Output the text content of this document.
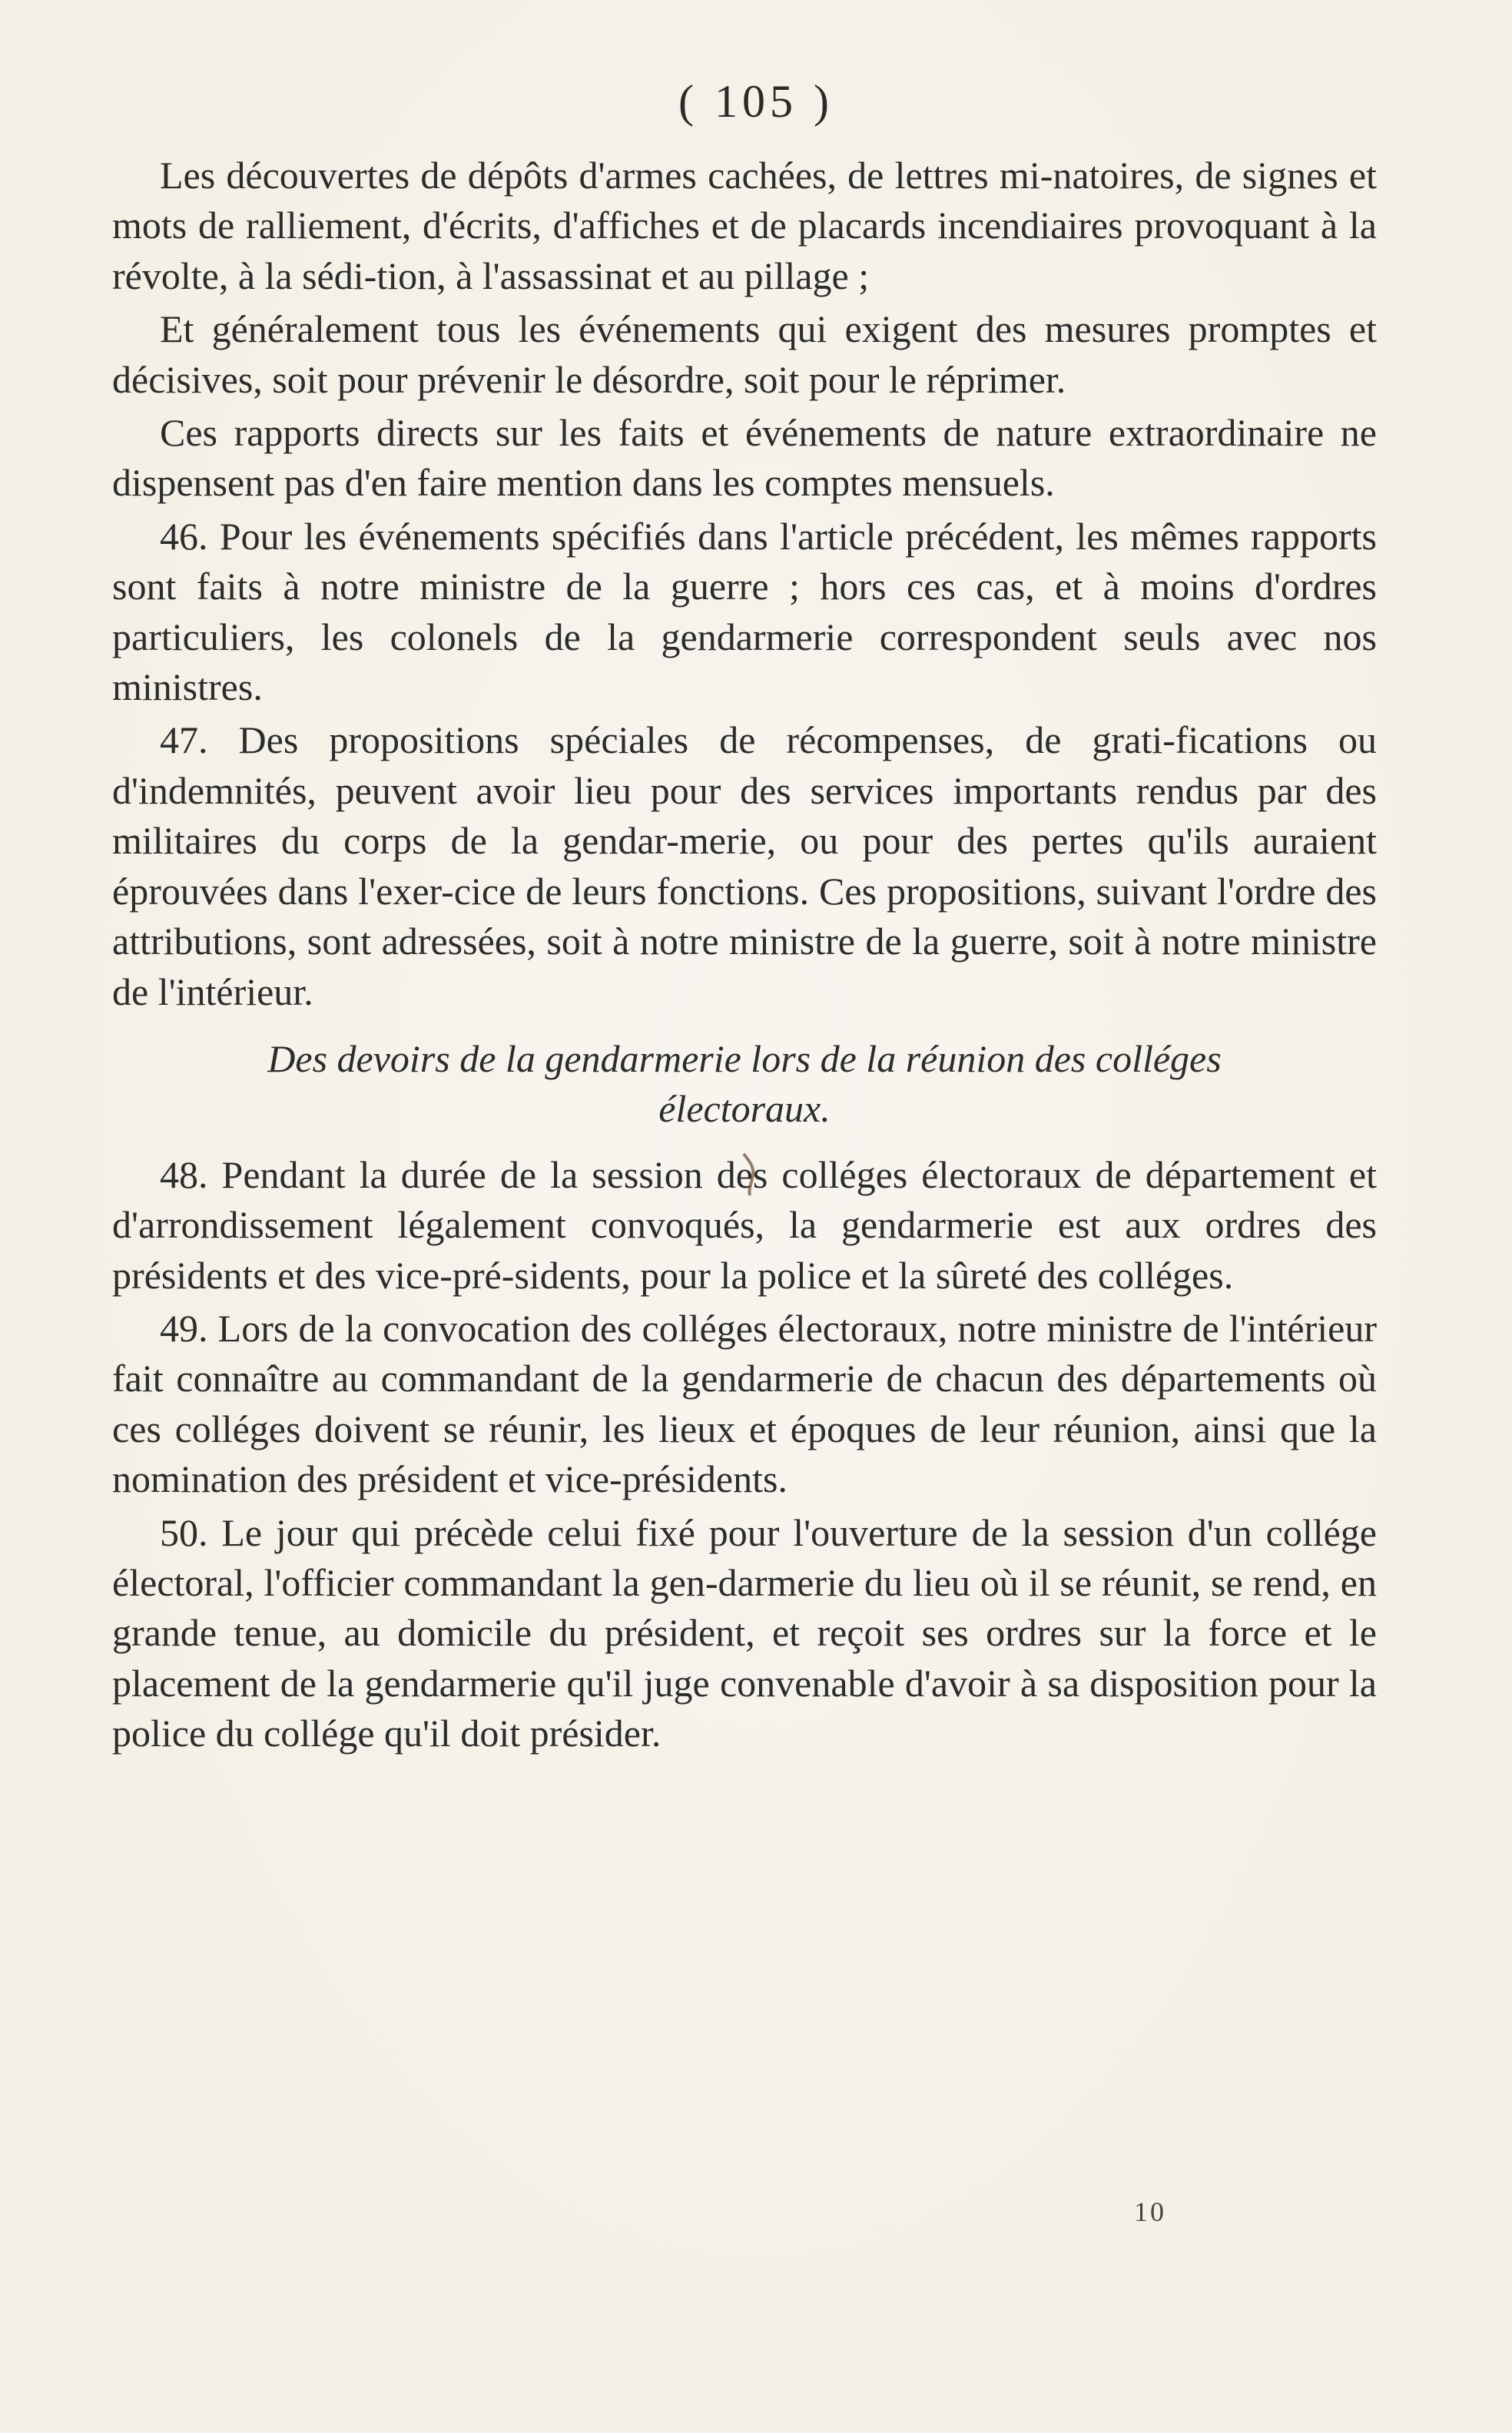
( 105 )

Les découvertes de dépôts d'armes cachées, de lettres mi-natoires, de signes et mots de ralliement, d'écrits, d'affiches et de placards incendiaires provoquant à la révolte, à la sédi-tion, à l'assassinat et au pillage ;

Et généralement tous les événements qui exigent des mesures promptes et décisives, soit pour prévenir le désordre, soit pour le réprimer.

Ces rapports directs sur les faits et événements de nature extraordinaire ne dispensent pas d'en faire mention dans les comptes mensuels.

46. Pour les événements spécifiés dans l'article précédent, les mêmes rapports sont faits à notre ministre de la guerre ; hors ces cas, et à moins d'ordres particuliers, les colonels de la gendarmerie correspondent seuls avec nos ministres.

47. Des propositions spéciales de récompenses, de grati-fications ou d'indemnités, peuvent avoir lieu pour des services importants rendus par des militaires du corps de la gendar-merie, ou pour des pertes qu'ils auraient éprouvées dans l'exer-cice de leurs fonctions. Ces propositions, suivant l'ordre des attributions, sont adressées, soit à notre ministre de la guerre, soit à notre ministre de l'intérieur.

Des devoirs de la gendarmerie lors de la réunion des colléges
électoraux.

48. Pendant la durée de la session des colléges électoraux de département et d'arrondissement légalement convoqués, la gendarmerie est aux ordres des présidents et des vice-pré-sidents, pour la police et la sûreté des colléges.

49. Lors de la convocation des colléges électoraux, notre ministre de l'intérieur fait connaître au commandant de la gendarmerie de chacun des départements où ces colléges doivent se réunir, les lieux et époques de leur réunion, ainsi que la nomination des président et vice-présidents.

50. Le jour qui précède celui fixé pour l'ouverture de la session d'un collége électoral, l'officier commandant la gen-darmerie du lieu où il se réunit, se rend, en grande tenue, au domicile du président, et reçoit ses ordres sur la force et le placement de la gendarmerie qu'il juge convenable d'avoir à sa disposition pour la police du collége qu'il doit présider.

10
